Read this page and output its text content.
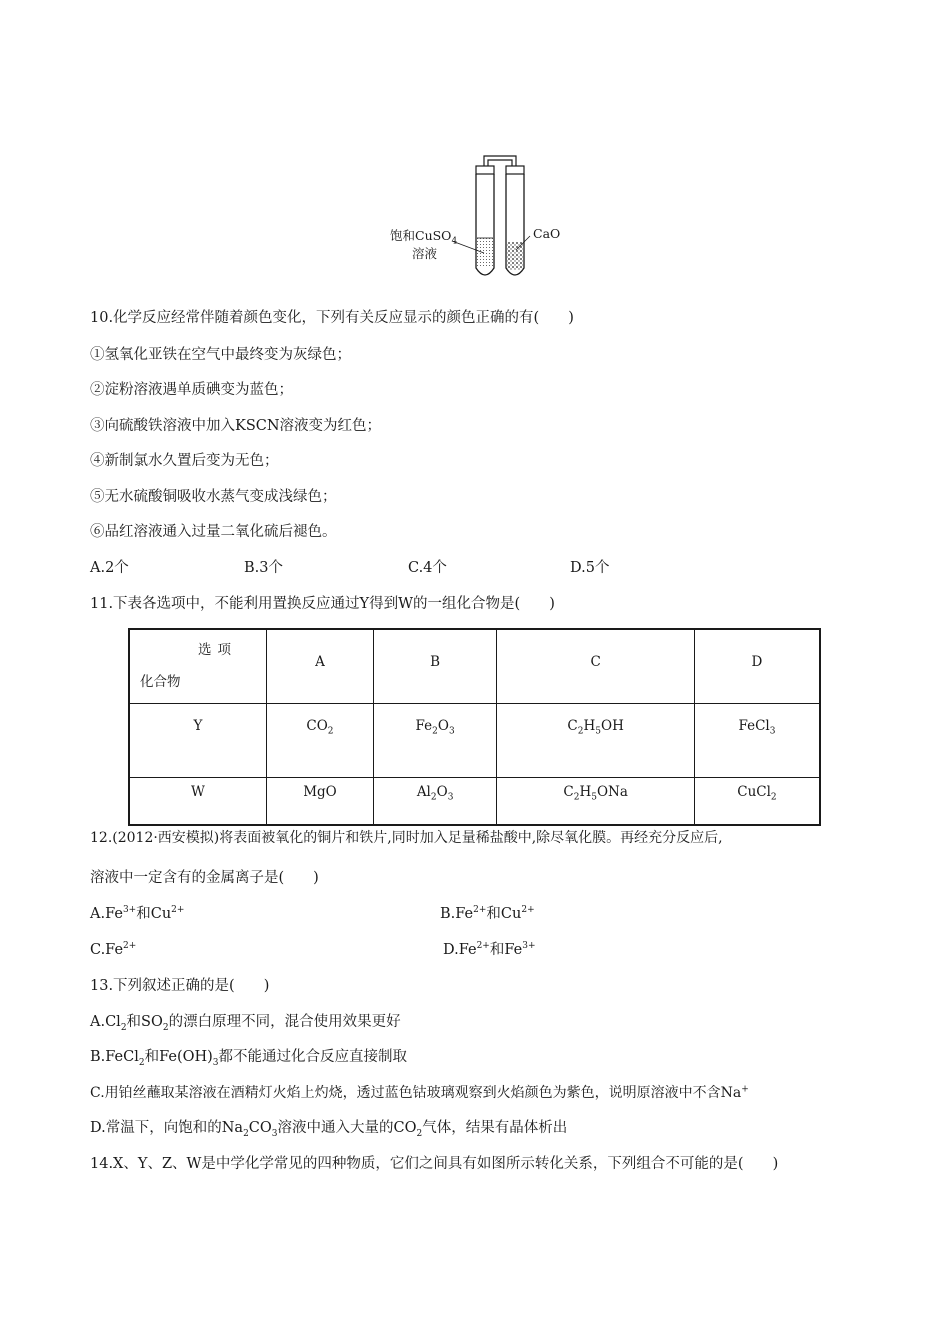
饱和CuSO$_4$
溶液
CaO
10.化学反应经常伴随着颜色变化，下列有关反应显示的颜色正确的有(　　)
①氢氧化亚铁在空气中最终变为灰绿色；
②淀粉溶液遇单质碘变为蓝色；
③向硫酸铁溶液中加入KSCN溶液变为红色；
④新制氯水久置后变为无色；
⑤无水硫酸铜吸收水蒸气变成浅绿色；
⑥品红溶液通入过量二氧化硫后褪色。
A.2个	B.3个	C.4个	D.5个
11.下表各选项中，不能利用置换反应通过Y得到W的一组化合物是(　　)
选项
化合物	A	B	C	D
Y	$CO_2$	$Fe_2O_3$	$C_2H_5OH$	FeCl$_3$
W	MgO	$Al_2O_3$	$C_2H_5ONa$	CuCl$_2$
12.(2012·西安模拟)将表面被氧化的铜片和铁片,同时加入足量稀盐酸中,除尽氧化膜。再经充分反应后,
溶液中一定含有的金属离子是(　　)
$A.Fe^{3+}$和$Cu^{2+}$	$B.Fe^{2+}$和$Cu^{2+}$
$C.Fe^{2+}$	$D.Fe^{2+}$和$Fe^{3+}$
13.下列叙述正确的是(　　)
$A.Cl_2$和$SO_2$的漂白原理不同，混合使用效果更好
B.FeCl$_2$和$Fe(OH)_3$都不能通过化合反应直接制取
C.用铂丝蘸取某溶液在酒精灯火焰上灼烧，透过蓝色钴玻璃观察到火焰颜色为紫色，说明原溶液中不含Na+
D.常温下，向饱和的$Na_2CO_3$溶液中通入大量的$CO_2$气体，结果有晶体析出
14.X、Y、Z、W是中学化学常见的四种物质，它们之间具有如图所示转化关系，下列组合不可能的是(　　)
